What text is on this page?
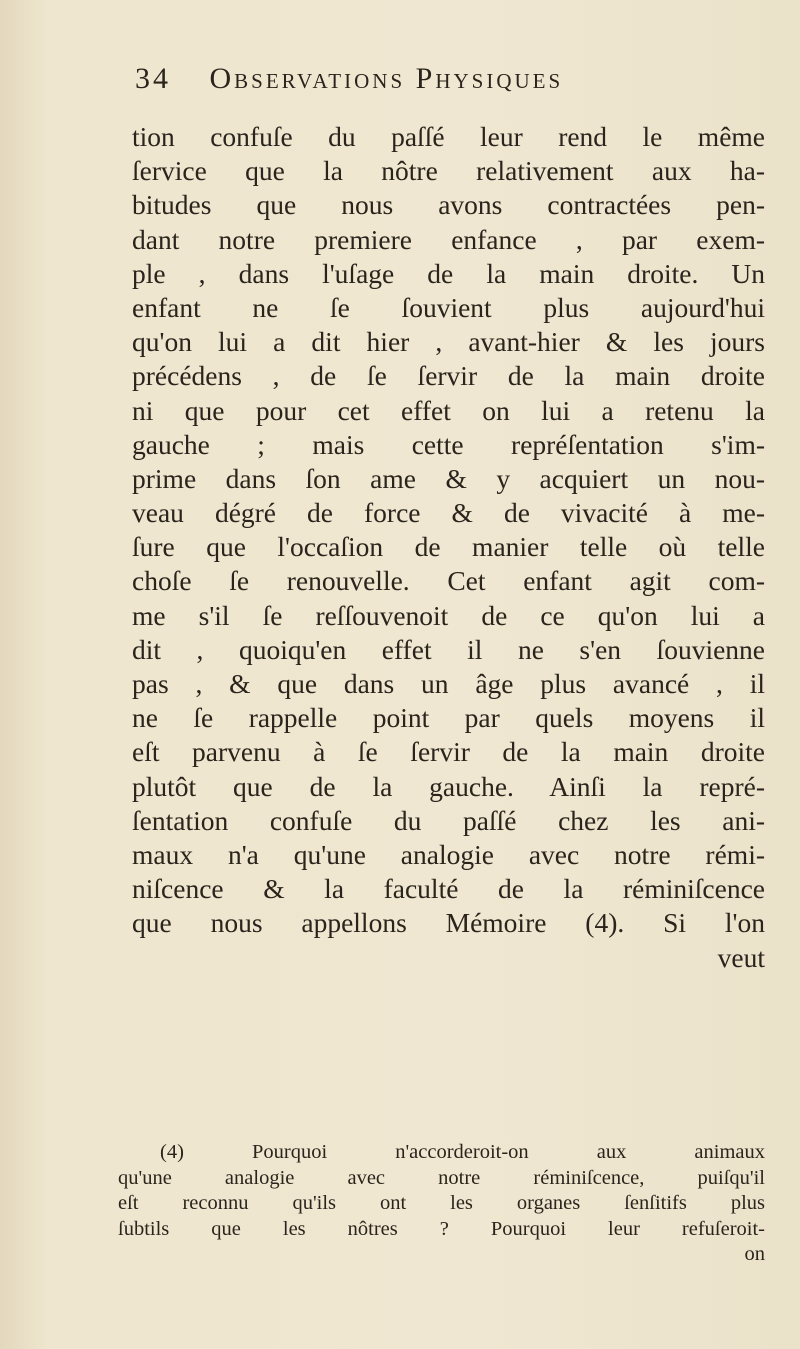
34 Observations Physiques
tion confuſe du paſſé leur rend le même
ſervice que la nôtre relativement aux ha-
bitudes que nous avons contractées pen-
dant notre premiere enfance , par exem-
ple , dans l'uſage de la main droite. Un
enfant ne ſe ſouvient plus aujourd'hui
qu'on lui a dit hier , avant-hier & les jours
précédens , de ſe ſervir de la main droite
ni que pour cet effet on lui a retenu la
gauche ; mais cette repréſentation s'im-
prime dans ſon ame & y acquiert un nou-
veau dégré de force & de vivacité à me-
ſure que l'occaſion de manier telle où telle
choſe ſe renouvelle. Cet enfant agit com-
me s'il ſe reſſouvenoit de ce qu'on lui a
dit , quoiqu'en effet il ne s'en ſouvienne
pas , & que dans un âge plus avancé , il
ne ſe rappelle point par quels moyens il
eſt parvenu à ſe ſervir de la main droite
plutôt que de la gauche. Ainſi la repré-
ſentation confuſe du paſſé chez les ani-
maux n'a qu'une analogie avec notre rémi-
niſcence & la faculté de la réminiſcence
que nous appellons Mémoire (4). Si l'on
veut
(4) Pourquoi n'accorderoit-on aux animaux
qu'une analogie avec notre réminiſcence, puiſqu'il
eſt reconnu qu'ils ont les organes ſenſitifs plus
ſubtils que les nôtres ? Pourquoi leur refuſeroit-
on
